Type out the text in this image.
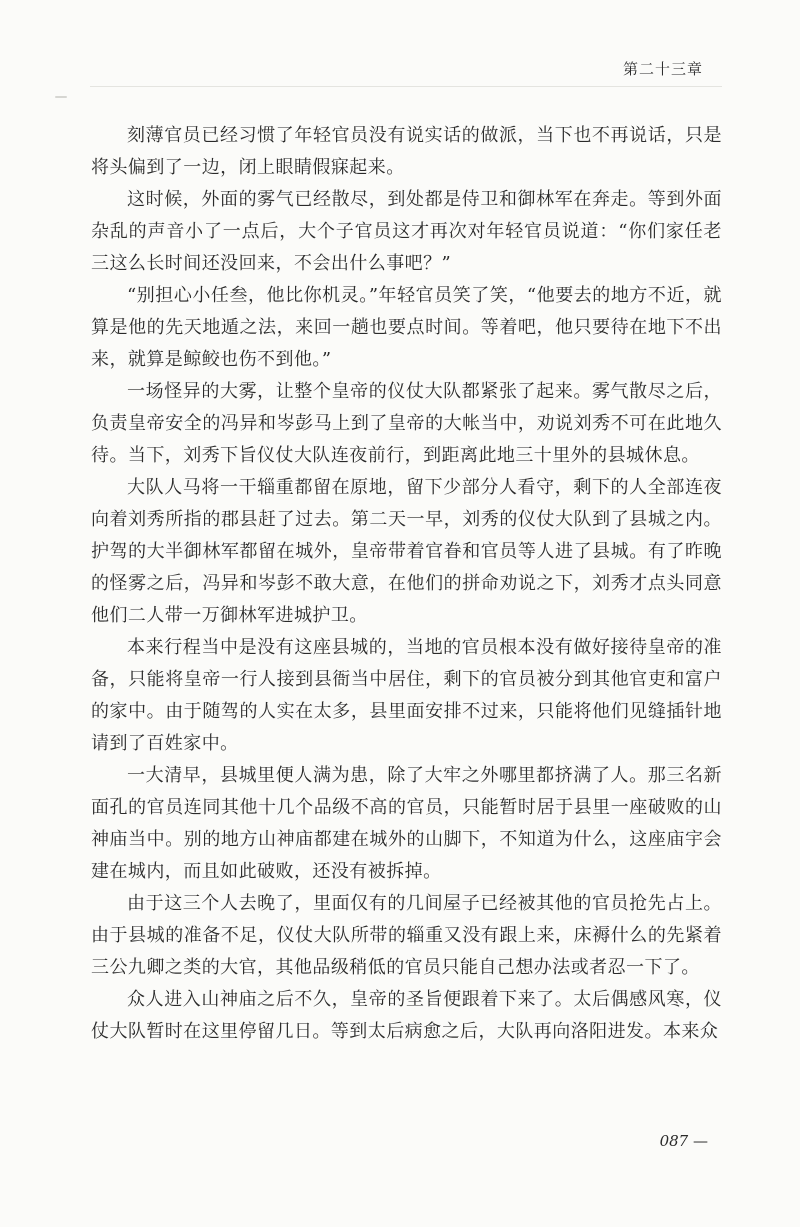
第二十三章

刻薄官员已经习惯了年轻官员没有说实话的做派，当下也不再说话，只是将头偏到了一边，闭上眼睛假寐起来。

这时候，外面的雾气已经散尽，到处都是侍卫和御林军在奔走。等到外面杂乱的声音小了一点后，大个子官员这才再次对年轻官员说道：“你们家任老三这么长时间还没回来，不会出什么事吧？”

“别担心小任叁，他比你机灵。”年轻官员笑了笑，“他要去的地方不近，就算是他的先天地遁之法，来回一趟也要点时间。等着吧，他只要待在地下不出来，就算是鲸鲛也伤不到他。”

一场怪异的大雾，让整个皇帝的仪仗大队都紧张了起来。雾气散尽之后，负责皇帝安全的冯异和岑彭马上到了皇帝的大帐当中，劝说刘秀不可在此地久待。当下，刘秀下旨仪仗大队连夜前行，到距离此地三十里外的县城休息。

大队人马将一干辎重都留在原地，留下少部分人看守，剩下的人全部连夜向着刘秀所指的郡县赶了过去。第二天一早，刘秀的仪仗大队到了县城之内。护驾的大半御林军都留在城外，皇帝带着官眷和官员等人进了县城。有了昨晚的怪雾之后，冯异和岑彭不敢大意，在他们的拼命劝说之下，刘秀才点头同意他们二人带一万御林军进城护卫。

本来行程当中是没有这座县城的，当地的官员根本没有做好接待皇帝的准备，只能将皇帝一行人接到县衙当中居住，剩下的官员被分到其他官吏和富户的家中。由于随驾的人实在太多，县里面安排不过来，只能将他们见缝插针地请到了百姓家中。

一大清早，县城里便人满为患，除了大牢之外哪里都挤满了人。那三名新面孔的官员连同其他十几个品级不高的官员，只能暂时居于县里一座破败的山神庙当中。别的地方山神庙都建在城外的山脚下，不知道为什么，这座庙宇会建在城内，而且如此破败，还没有被拆掉。

由于这三个人去晚了，里面仅有的几间屋子已经被其他的官员抢先占上。由于县城的准备不足，仪仗大队所带的辎重又没有跟上来，床褥什么的先紧着三公九卿之类的大官，其他品级稍低的官员只能自己想办法或者忍一下了。

众人进入山神庙之后不久，皇帝的圣旨便跟着下来了。太后偶感风寒，仪仗大队暂时在这里停留几日。等到太后病愈之后，大队再向洛阳进发。本来众

087 —
